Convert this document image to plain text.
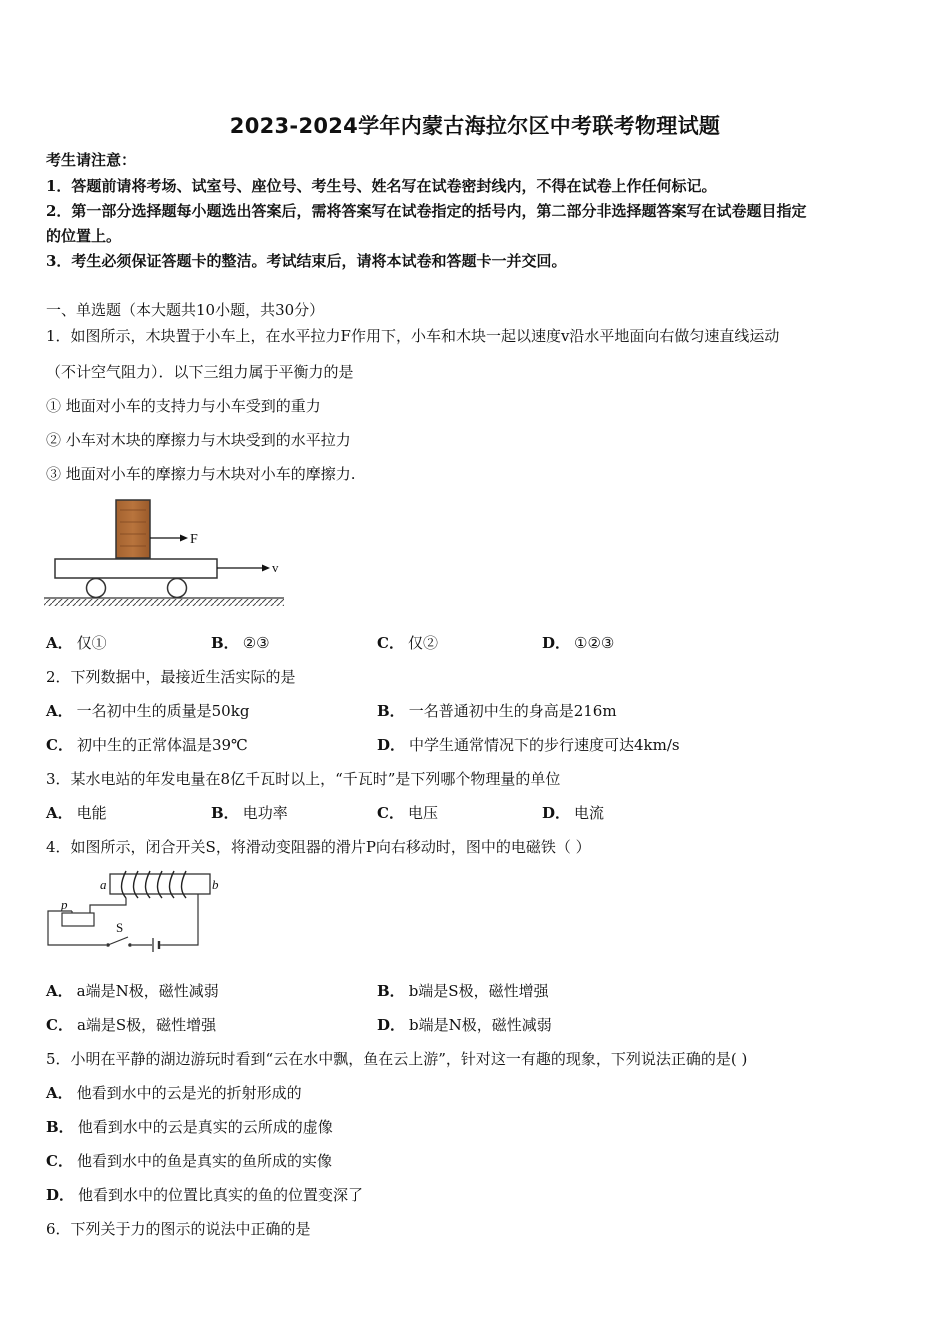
2023-2024学年内蒙古海拉尔区中考联考物理试题
考生请注意：
1．答题前请将考场、试室号、座位号、考生号、姓名写在试卷密封线内，不得在试卷上作任何标记。
2．第一部分选择题每小题选出答案后，需将答案写在试卷指定的括号内，第二部分非选择题答案写在试卷题目指定
的位置上。
3．考生必须保证答题卡的整洁。考试结束后，请将本试卷和答题卡一并交回。
一、单选题（本大题共10小题，共30分）
1．如图所示，木块置于小车上，在水平拉力F作用下，小车和木块一起以速度v沿水平地面向右做匀速直线运动
（不计空气阻力）．以下三组力属于平衡力的是
① 地面对小车的支持力与小车受到的重力
② 小车对木块的摩擦力与木块受到的水平拉力
③ 地面对小车的摩擦力与木块对小车的摩擦力.
F
v
A． 仅①	B． ②③	C． 仅②	D． ①②③
2．下列数据中，最接近生活实际的是
A． 一名初中生的质量是50kg	B． 一名普通初中生的身高是216m
C． 初中生的正常体温是39℃	D． 中学生通常情况下的步行速度可达4km/s
3．某水电站的年发电量在8亿千瓦时以上，“千瓦时”是下列哪个物理量的单位
A． 电能	B． 电功率	C． 电压	D． 电流
4．如图所示，闭合开关S，将滑动变阻器的滑片P向右移动时，图中的电磁铁（ ）
a	b
p
S
A． a端是N极，磁性减弱	B． b端是S极，磁性增强
C． a端是S极，磁性增强	D． b端是N极，磁性减弱
5．小明在平静的湖边游玩时看到“云在水中飘，鱼在云上游”，针对这一有趣的现象，下列说法正确的是( )
A． 他看到水中的云是光的折射形成的
B． 他看到水中的云是真实的云所成的虚像
C． 他看到水中的鱼是真实的鱼所成的实像
D． 他看到水中的位置比真实的鱼的位置变深了
6．下列关于力的图示的说法中正确的是
